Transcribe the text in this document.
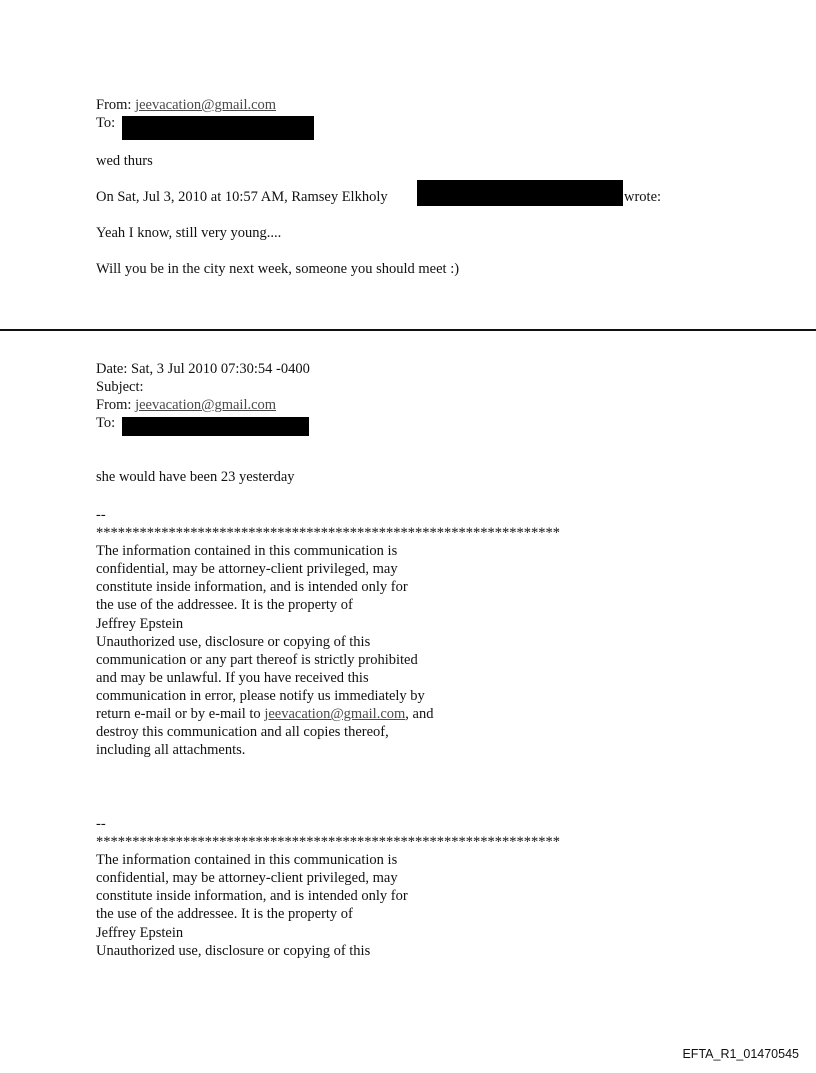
From: jeevacation@gmail.com
To:
wed thurs
On Sat, Jul 3, 2010 at 10:57 AM, Ramsey Elkholy	wrote:
Yeah I know, still very young....
Will you be in the city next week, someone you should meet :)
Date: Sat, 3 Jul 2010 07:30:54 -0400
Subject:
From: jeevacation@gmail.com
To:
she would have been 23 yesterday
--
****************************************************************
The information contained in this communication is
confidential, may be attorney-client privileged, may
constitute inside information, and is intended only for
the use of the addressee. It is the property of
Jeffrey Epstein
Unauthorized use, disclosure or copying of this
communication or any part thereof is strictly prohibited
and may be unlawful. If you have received this
communication in error, please notify us immediately by
return e-mail or by e-mail to jeevacation@gmail.com, and
destroy this communication and all copies thereof,
including all attachments.
--
****************************************************************
The information contained in this communication is
confidential, may be attorney-client privileged, may
constitute inside information, and is intended only for
the use of the addressee. It is the property of
Jeffrey Epstein
Unauthorized use, disclosure or copying of this
EFTA_R1_01470545
